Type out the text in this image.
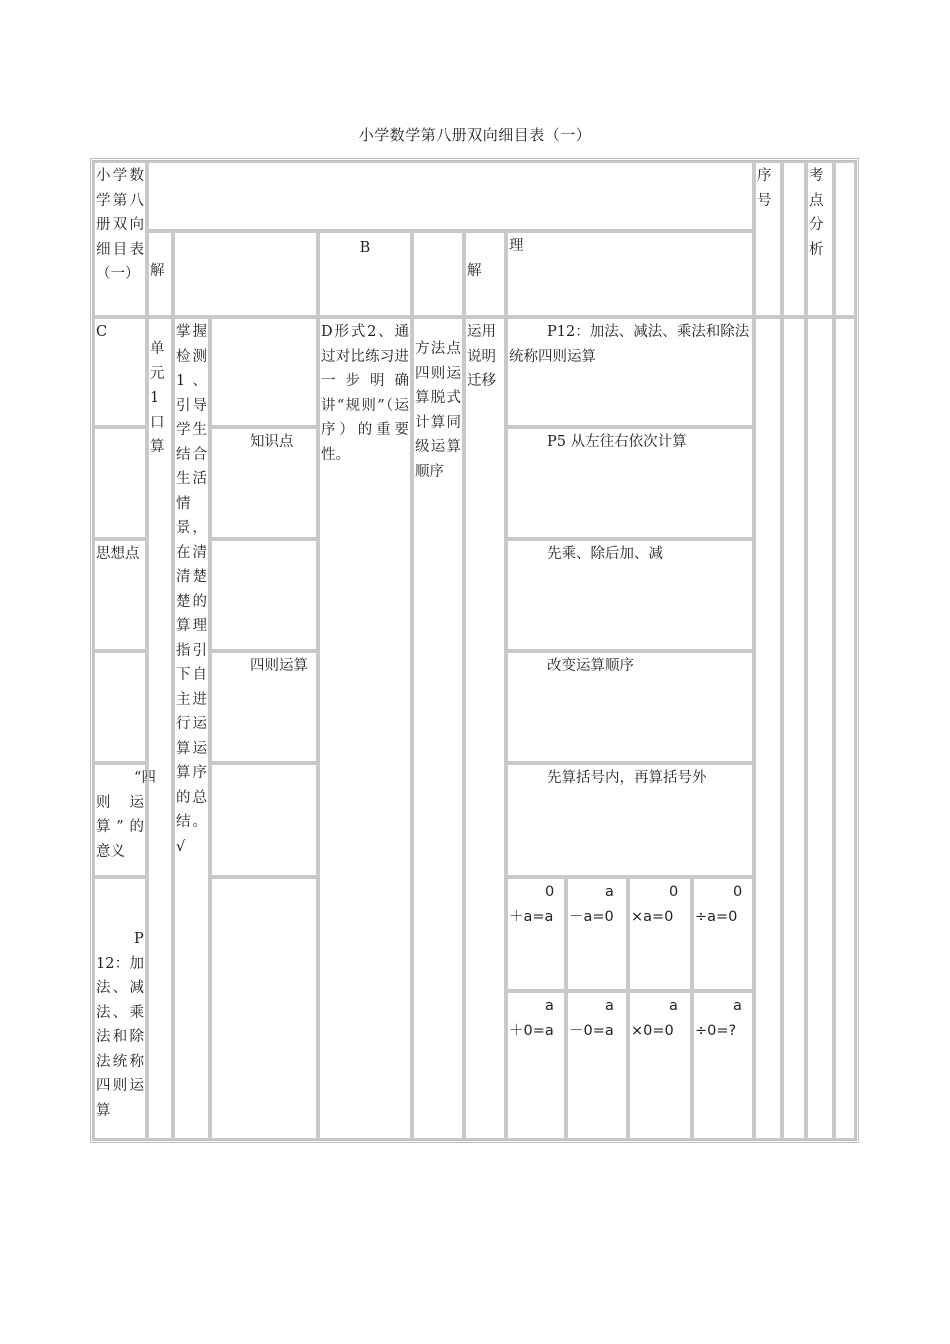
小学数学第八册双向细目表（一）
小学数学第八册双向细目表（一）
序号
考点分析
解
B
解
理
C
思想点
“四则运算”的意义
P12：加法、减法、乘法和除法统称四则运算
单元 1 口算
掌握检测1、引导学生结合生活情景，在清清楚楚的算理指引下自主进行运算运算序的总结。√
知识点
四则运算
D形式2、通过对比练习进一步明确讲“规则”（运序）的重要性。
方法点四则运算脱式计算同级运算顺序
运用说明迁移
P12：加法、减法、乘法和除法统称四则运算
P5 从左往右依次计算
先乘、除后加、减
改变运算顺序
先算括号内，再算括号外
0＋a=a
a－a=0
0×a=0
0÷a=0
a＋0=a
a－0=a
a×0=0
a÷0=?
